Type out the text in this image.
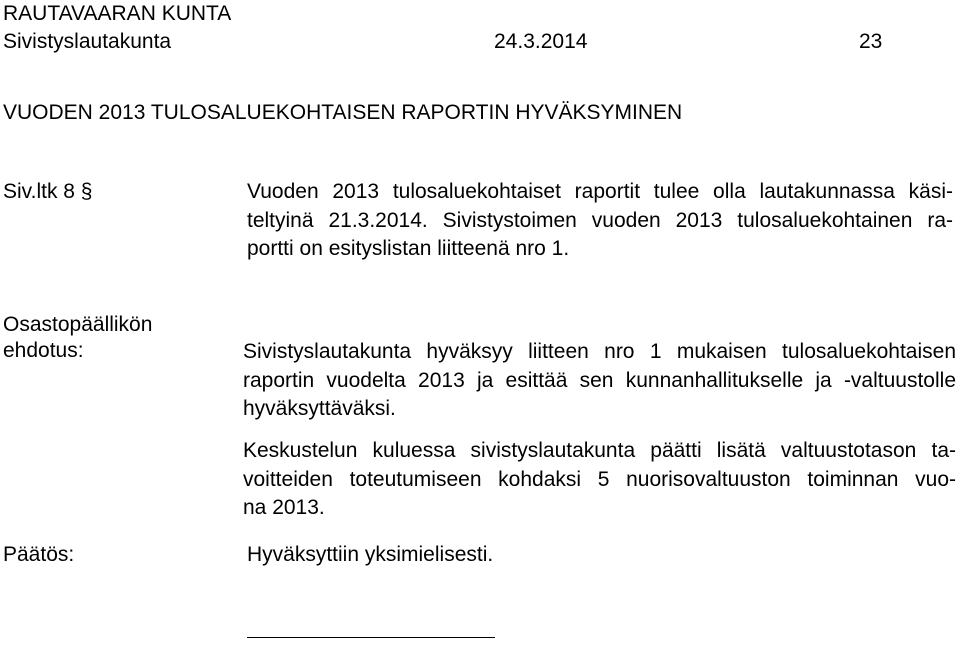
RAUTAVAARAN KUNTA
Sivistyslautakunta	24.3.2014	23
VUODEN 2013 TULOSALUEKOHTAISEN RAPORTIN HYVÄKSYMINEN
Siv.ltk 8 §	Vuoden 2013 tulosaluekohtaiset raportit tulee olla lautakunnassa käsi-
teltyinä 21.3.2014. Sivistystoimen vuoden 2013 tulosaluekohtainen ra-
portti on esityslistan liitteenä nro 1.
Osastopäällikön
ehdotus:	Sivistyslautakunta hyväksyy liitteen nro 1 mukaisen tulosaluekohtaisen
raportin vuodelta 2013 ja esittää sen kunnanhallitukselle ja -valtuustolle
hyväksyttäväksi.
Keskustelun kuluessa sivistyslautakunta päätti lisätä valtuustotason ta-
voitteiden toteutumiseen kohdaksi 5 nuorisovaltuuston toiminnan vuo-
na 2013.
Päätös:	Hyväksyttiin yksimielisesti.
